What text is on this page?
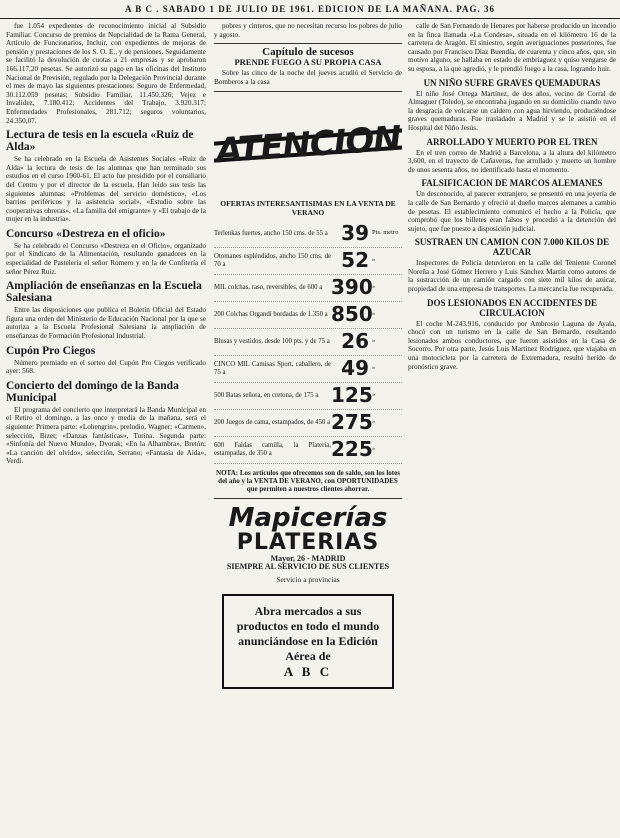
A B C . SABADO 1 DE JULIO DE 1961. EDICION DE LA MAÑANA. PAG. 36

fue 1.054 expedientes de reconocimiento inicial al Subsidio Familiar. Concurso de premios de Nupcialidad de la Rama General, Artículo de Funcionarios, Incluir, con expedientes de mejoras de pensión y prestaciones de los S. O. E., y de pensiones. Seguidamente se facilitó la devolución de cuotas a 21 empresas y se aprobaron 166.117,20 pesetas. Se autorizó su pago en las oficinas del Instituto Nacional de Previsión, regulado por la Delegación Provincial durante el mes de mayo las siguientes prestaciones: Seguro de Enfermedad, 30.112.059 pesetas; Subsidio Familiar, 11.450.326; Vejez e Invalidez, 7.180.412; Accidentes del Trabajo, 3.920.317; Enfermedades Profesionales, 281.712; seguros voluntarios, 24.350,07.

Lectura de tesis en la escuela «Ruiz de Alda»

Se ha celebrado en la Escuela de Asistentes Sociales «Ruiz de Alda» la lectura de tesis de las alumnas que han terminado sus estudios en el curso 1960-61. El acto fue presidido por el consiliario del Centro y por el director de la escuela. Han leído sus tesis las siguientes alumnas: «Problemas del servicio doméstico», «Los barrios periféricos y la asistencia social», «Estudio sobre las cooperativas obreras», «La familia del emigrante» y «El trabajo de la mujer en la industria».

Concurso «Destreza en el oficio»

Se ha celebrado el Concurso «Destreza en el Oficio», organizado por el Sindicato de la Alimentación, resultando ganadores en la especialidad de Pastelería el señor Romero y en la de Confitería el señor Pérez Ruiz.

Ampliación de enseñanzas en la Escuela Salesiana

Entre las disposiciones que publica el Boletín Oficial del Estado figura una orden del Ministerio de Educación Nacional por la que se autoriza a la Escuela Profesional Salesiana la ampliación de enseñanzas de Formación Profesional Industrial.

Cupón Pro Ciegos

Número premiado en el sorteo del Cupón Pro Ciegos verificado ayer: 568.

Concierto del domingo de la Banda Municipal

El programa del concierto que interpretará la Banda Municipal en el Retiro el domingo, a las once y media de la mañana, será el siguiente: Primera parte: «Lohengrin», preludio, Wagner; «Carmen», selección, Bizet; «Danzas fantásticas», Turina. Segunda parte: «Sinfonía del Nuevo Mundo», Dvorak; «En la Alhambra», Bretón; «La canción del olvido», selección, Serrano; «Fantasía de Aida», Verdi.

pobres y cinteros, que no necesitan recurso los pobres de julio y agosto.

Capítulo de sucesos
PRENDE FUEGO A SU PROPIA CASA

Sobre las cinco de la noche del jueves acudió el Servicio de Bomberos a la casa

ATENCION
OFERTAS INTERESANTISIMAS EN LA VENTA DE VERANO
Terlenkas fuertes, ancho 150 cms. de 55 a 39 Pts. metro
Otomanes espléndidos, ancho 150 cms. de 70 a	52 »
MIL colchas, raso, reversibles, de 600 a 390 »
200 Colchas Organdí bordadas de 1.350 a 850 »
Blusas y vestidos, desde 100 pts. y de 75 a 26 »
CINCO MIL Camisas Sport, caballero, de 75 a	49 »
500 Batas señora, en cretona, de 175 a 125 »
200 Juegos de cama, estampados, de 450 a 275 »
600 Faldas camilla, la Platería, estampadas, de 350 a	225 »
NOTA: Los artículos que ofrecemos son de saldo, son los lotes del año y la VENTA DE VERANO, con OPORTUNIDADES que permiten a nuestros clientes ahorrar.
Mapicerías
PLATERIAS
Mayor, 26 - MADRID
SIEMPRE AL SERVICIO DE SUS CLIENTES
Servicio a provincias
Abra mercados a sus productos en todo el mundo anunciándose en la Edición Aérea de
A B C

calle de San Fernando de Henares por haberse producido un incendio en la finca llamada «La Condesa», situada en el kilómetro 16 de la carretera de Aragón. El siniestro, según averiguaciones posteriores, fue causado por Francisco Díaz Buendía, de cuarenta y cinco años, que, sin motivo alguno, se hallaba en estado de embriaguez y quiso vengarse de su esposa, a la que agredió, y le prendió fuego a la casa, logrando huir.

UN NIÑO SUFRE GRAVES QUEMADURAS

El niño José Ortega Martínez, de dos años, vecino de Corral de Almaguer (Toledo), se encontraba jugando en su domicilio cuando tuvo la desgracia de volcarse un caldero con agua hirviendo, produciéndose graves quemaduras. Fue trasladado a Madrid y se le asistió en el Hospital del Niño Jesús.

ARROLLADO Y MUERTO POR EL TREN

En el tren correo de Madrid a Barcelona, a la altura del kilómetro 3,600, en el trayecto de Cañaveras, fue arrollado y muerto un hombre de unos sesenta años, no identificado hasta el momento.

FALSIFICACION DE MARCOS ALEMANES

Un desconocido, al parecer extranjero, se presentó en una joyería de la calle de San Bernardo y ofreció al dueño marcos alemanes a cambio de pesetas. El establecimiento comunicó el hecho a la Policía, que comprobó que los billetes eran falsos y procedió a la detención del sujeto, que fue puesto a disposición judicial.

SUSTRAEN UN CAMION CON 7.000 KILOS DE AZUCAR

Inspectores de Policía detuvieron en la calle del Teniente Coronel Noreña a José Gómez Herrero y Luis Sánchez Martín como autores de la sustracción de un camión cargado con siete mil kilos de azúcar, propiedad de una empresa de transportes. La mercancía fue recuperada.

DOS LESIONADOS EN ACCIDENTES DE CIRCULACION

El coche M-243.916, conducido por Ambrosio Laguna de Ayala, chocó con un turismo en la calle de San Bernardo, resultando lesionados ambos conductores, que fueron asistidos en la Casa de Socorro. Por otra parte, Jesús Luis Martínez Rodríguez, que viajaba en una motocicleta por la carretera de Extremadura, resultó herido de pronóstico grave.
